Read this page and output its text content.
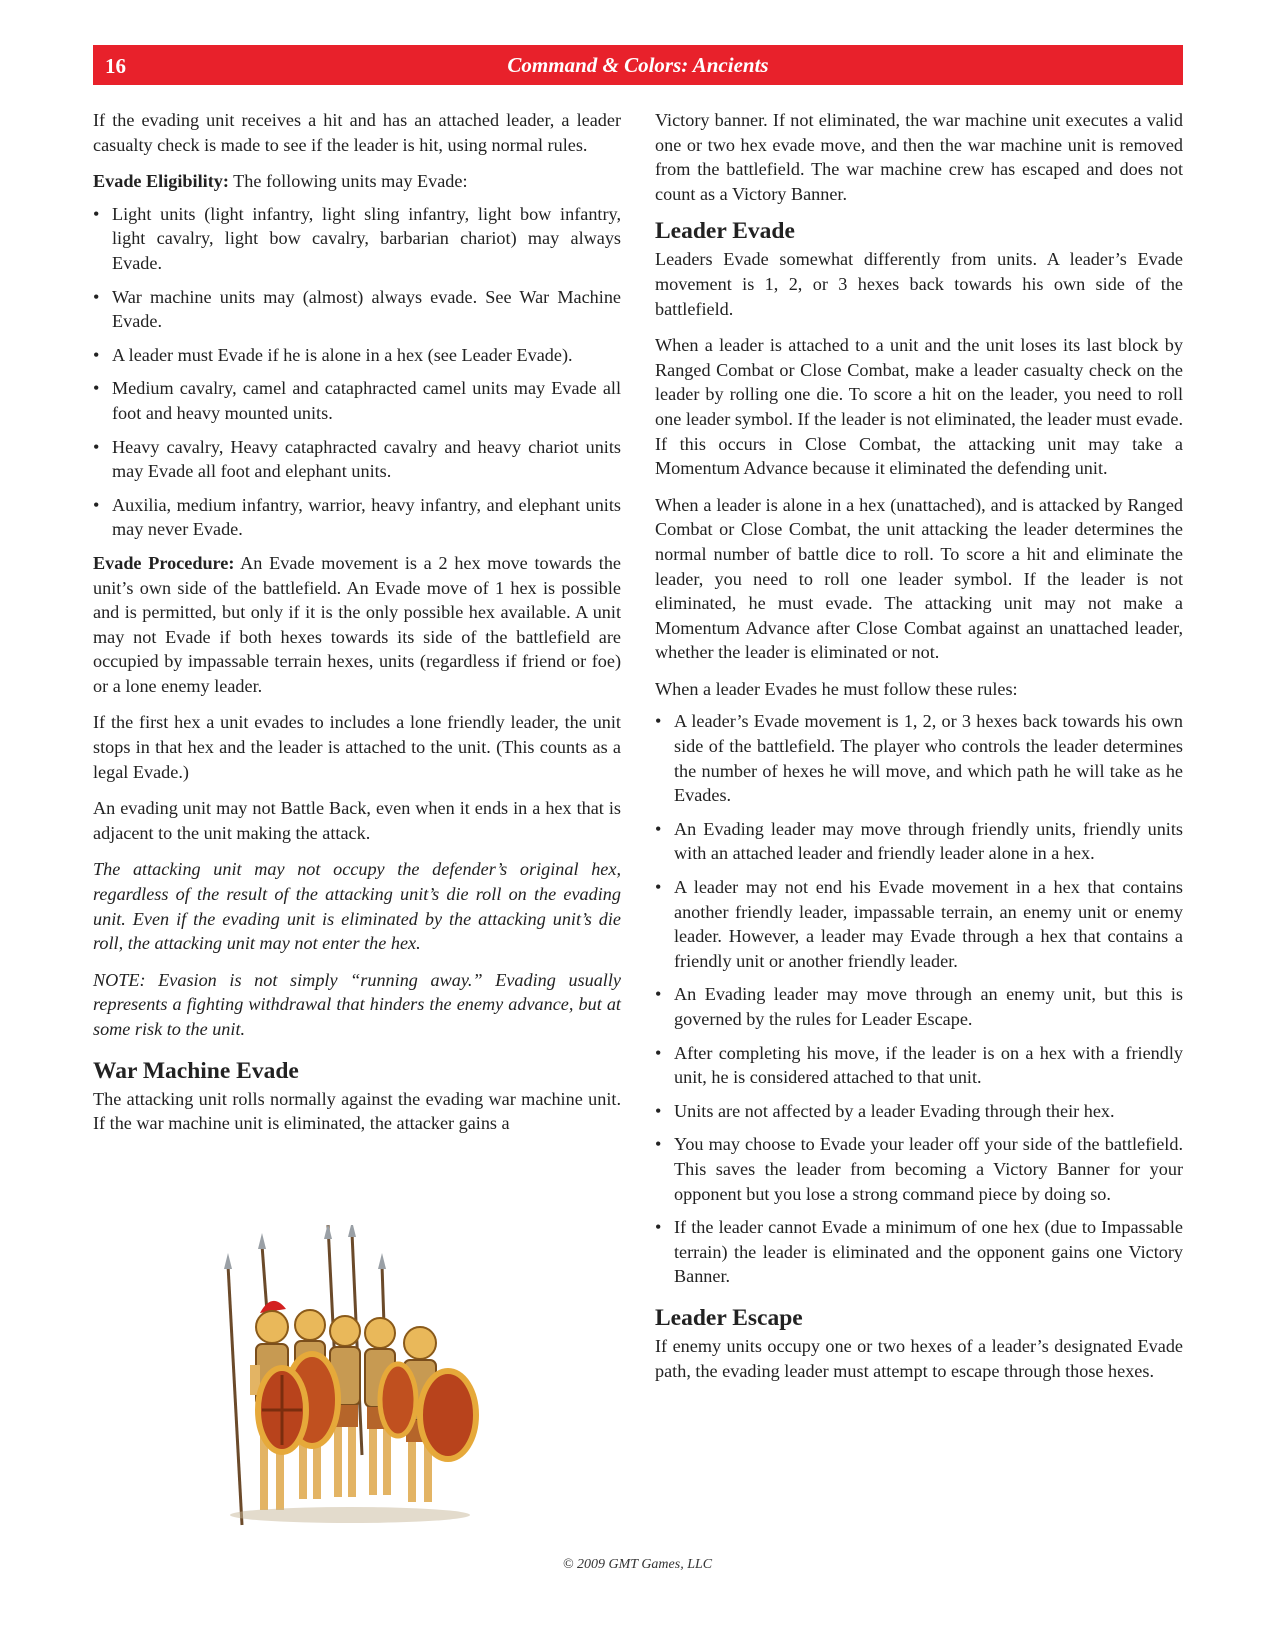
16	Command & Colors: Ancients

If the evading unit receives a hit and has an attached leader, a leader casualty check is made to see if the leader is hit, using normal rules.

Evade Eligibility: The following units may Evade:

• Light units (light infantry, light sling infantry, light bow infantry, light cavalry, light bow cavalry, barbarian chariot) may always Evade.
• War machine units may (almost) always evade. See War Machine Evade.
• A leader must Evade if he is alone in a hex (see Leader Evade).
• Medium cavalry, camel and cataphracted camel units may Evade all foot and heavy mounted units.
• Heavy cavalry, Heavy cataphracted cavalry and heavy chariot units may Evade all foot and elephant units.
• Auxilia, medium infantry, warrior, heavy infantry, and elephant units may never Evade.

Evade Procedure: An Evade movement is a 2 hex move towards the unit’s own side of the battlefield. An Evade move of 1 hex is possible and is permitted, but only if it is the only possible hex available. A unit may not Evade if both hexes towards its side of the battlefield are occupied by impassable terrain hexes, units (regardless if friend or foe) or a lone enemy leader.

If the first hex a unit evades to includes a lone friendly leader, the unit stops in that hex and the leader is attached to the unit. (This counts as a legal Evade.)

An evading unit may not Battle Back, even when it ends in a hex that is adjacent to the unit making the attack.

The attacking unit may not occupy the defender’s original hex, regardless of the result of the attacking unit’s die roll on the evading unit. Even if the evading unit is eliminated by the attacking unit’s die roll, the attacking unit may not enter the hex.

NOTE: Evasion is not simply “running away.” Evading usually represents a fighting withdrawal that hinders the enemy advance, but at some risk to the unit.

War Machine Evade

The attacking unit rolls normally against the evading war machine unit. If the war machine unit is eliminated, the attacker gains a

Victory banner. If not eliminated, the war machine unit executes a valid one or two hex evade move, and then the war machine unit is removed from the battlefield. The war machine crew has escaped and does not count as a Victory Banner.

Leader Evade

Leaders Evade somewhat differently from units. A leader’s Evade movement is 1, 2, or 3 hexes back towards his own side of the battlefield.

When a leader is attached to a unit and the unit loses its last block by Ranged Combat or Close Combat, make a leader casualty check on the leader by rolling one die. To score a hit on the leader, you need to roll one leader symbol. If the leader is not eliminated, the leader must evade. If this occurs in Close Combat, the attacking unit may take a Momentum Advance because it eliminated the defending unit.

When a leader is alone in a hex (unattached), and is attacked by Ranged Combat or Close Combat, the unit attacking the leader determines the normal number of battle dice to roll. To score a hit and eliminate the leader, you need to roll one leader symbol. If the leader is not eliminated, he must evade. The attacking unit may not make a Momentum Advance after Close Combat against an unattached leader, whether the leader is eliminated or not.

When a leader Evades he must follow these rules:

• A leader’s Evade movement is 1, 2, or 3 hexes back towards his own side of the battlefield. The player who controls the leader determines the number of hexes he will move, and which path he will take as he Evades.
• An Evading leader may move through friendly units, friendly units with an attached leader and friendly leader alone in a hex.
• A leader may not end his Evade movement in a hex that contains another friendly leader, impassable terrain, an enemy unit or enemy leader. However, a leader may Evade through a hex that contains a friendly unit or another friendly leader.
• An Evading leader may move through an enemy unit, but this is governed by the rules for Leader Escape.
• After completing his move, if the leader is on a hex with a friendly unit, he is considered attached to that unit.
• Units are not affected by a leader Evading through their hex.
• You may choose to Evade your leader off your side of the battlefield. This saves the leader from becoming a Victory Banner for your opponent but you lose a strong command piece by doing so.
• If the leader cannot Evade a minimum of one hex (due to Impassable terrain) the leader is eliminated and the opponent gains one Victory Banner.
Leader Escape

If enemy units occupy one or two hexes of a leader’s designated Evade path, the evading leader must attempt to escape through those hexes.

© 2009 GMT Games, LLC
